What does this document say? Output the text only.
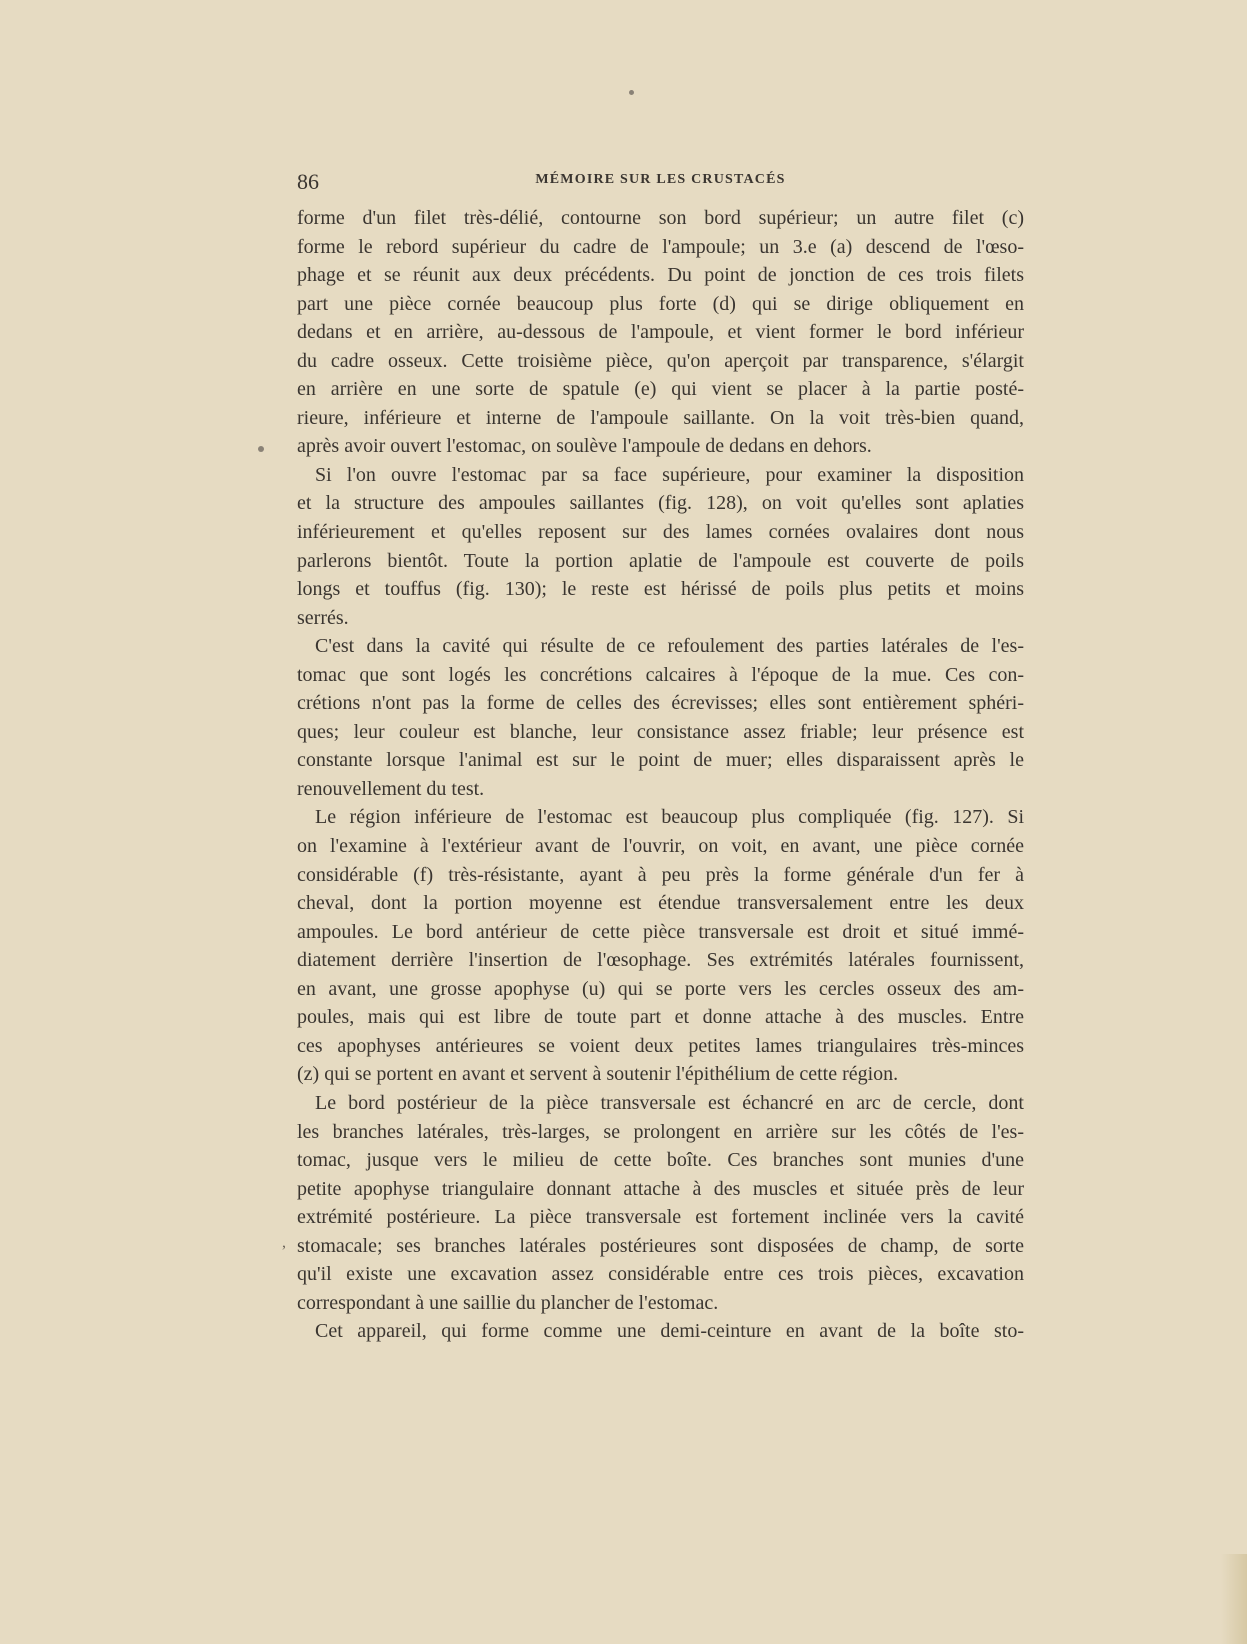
,
86	MÉMOIRE SUR LES CRUSTACÉS
forme d'un filet très-délié, contourne son bord supérieur; un autre filet (c)
forme le rebord supérieur du cadre de l'ampoule; un 3.e (a) descend de l'œso-
phage et se réunit aux deux précédents. Du point de jonction de ces trois filets
part une pièce cornée beaucoup plus forte (d) qui se dirige obliquement en
dedans et en arrière, au-dessous de l'ampoule, et vient former le bord inférieur
du cadre osseux. Cette troisième pièce, qu'on aperçoit par transparence, s'élargit
en arrière en une sorte de spatule (e) qui vient se placer à la partie posté-
rieure, inférieure et interne de l'ampoule saillante. On la voit très-bien quand,
après avoir ouvert l'estomac, on soulève l'ampoule de dedans en dehors.
Si l'on ouvre l'estomac par sa face supérieure, pour examiner la disposition
et la structure des ampoules saillantes (fig. 128), on voit qu'elles sont aplaties
inférieurement et qu'elles reposent sur des lames cornées ovalaires dont nous
parlerons bientôt. Toute la portion aplatie de l'ampoule est couverte de poils
longs et touffus (fig. 130); le reste est hérissé de poils plus petits et moins
serrés.
C'est dans la cavité qui résulte de ce refoulement des parties latérales de l'es-
tomac que sont logés les concrétions calcaires à l'époque de la mue. Ces con-
crétions n'ont pas la forme de celles des écrevisses; elles sont entièrement sphéri-
ques; leur couleur est blanche, leur consistance assez friable; leur présence est
constante lorsque l'animal est sur le point de muer; elles disparaissent après le
renouvellement du test.
Le région inférieure de l'estomac est beaucoup plus compliquée (fig. 127). Si
on l'examine à l'extérieur avant de l'ouvrir, on voit, en avant, une pièce cornée
considérable (f) très-résistante, ayant à peu près la forme générale d'un fer à
cheval, dont la portion moyenne est étendue transversalement entre les deux
ampoules. Le bord antérieur de cette pièce transversale est droit et situé immé-
diatement derrière l'insertion de l'œsophage. Ses extrémités latérales fournissent,
en avant, une grosse apophyse (u) qui se porte vers les cercles osseux des am-
poules, mais qui est libre de toute part et donne attache à des muscles. Entre
ces apophyses antérieures se voient deux petites lames triangulaires très-minces
(z) qui se portent en avant et servent à soutenir l'épithélium de cette région.
Le bord postérieur de la pièce transversale est échancré en arc de cercle, dont
les branches latérales, très-larges, se prolongent en arrière sur les côtés de l'es-
tomac, jusque vers le milieu de cette boîte. Ces branches sont munies d'une
petite apophyse triangulaire donnant attache à des muscles et située près de leur
extrémité postérieure. La pièce transversale est fortement inclinée vers la cavité
stomacale; ses branches latérales postérieures sont disposées de champ, de sorte
qu'il existe une excavation assez considérable entre ces trois pièces, excavation
correspondant à une saillie du plancher de l'estomac.
Cet appareil, qui forme comme une demi-ceinture en avant de la boîte sto-
